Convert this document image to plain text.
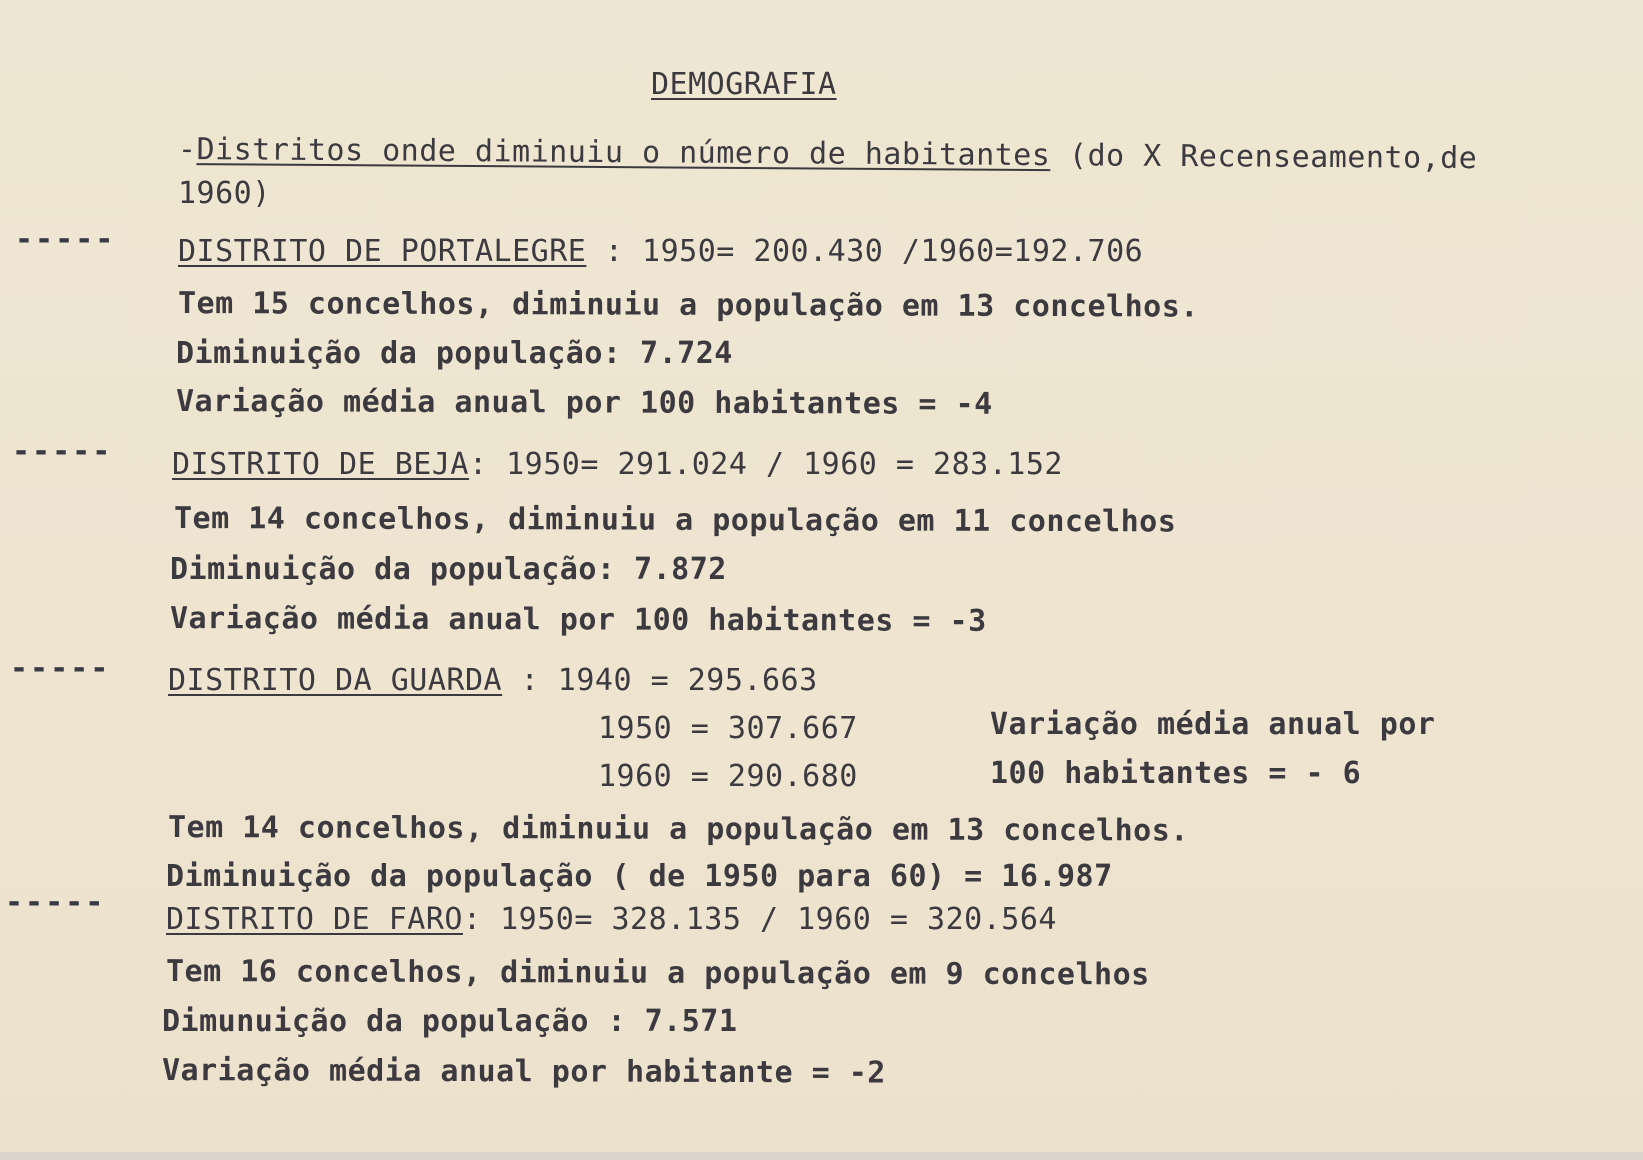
DEMOGRAFIA
-Distritos onde diminuiu o número de habitantes (do X Recenseamento,de
1960)
----- DISTRITO DE PORTALEGRE : 1950= 200.430 /1960=192.706
Tem 15 concelhos, diminuiu a população em 13 concelhos.
Diminuição da população: 7.724
Variação média anual por 100 habitantes = -4
----- DISTRITO DE BEJA: 1950= 291.024 / 1960 = 283.152
Tem 14 concelhos, diminuiu a população em 11 concelhos
Diminuição da população: 7.872
Variação média anual por 100 habitantes = -3
----- DISTRITO DA GUARDA : 1940 = 295.663
1950 = 307.667
1960 = 290.680
Variação média anual por
100 habitantes = - 6
Tem 14 concelhos, diminuiu a população em 13 concelhos.
Diminuição da população ( de 1950 para 60) = 16.987
----- DISTRITO DE FARO: 1950= 328.135 / 1960 = 320.564
Tem 16 concelhos, diminuiu a população em 9 concelhos
Dimunuição da população : 7.571
Variação média anual por habitante = -2
